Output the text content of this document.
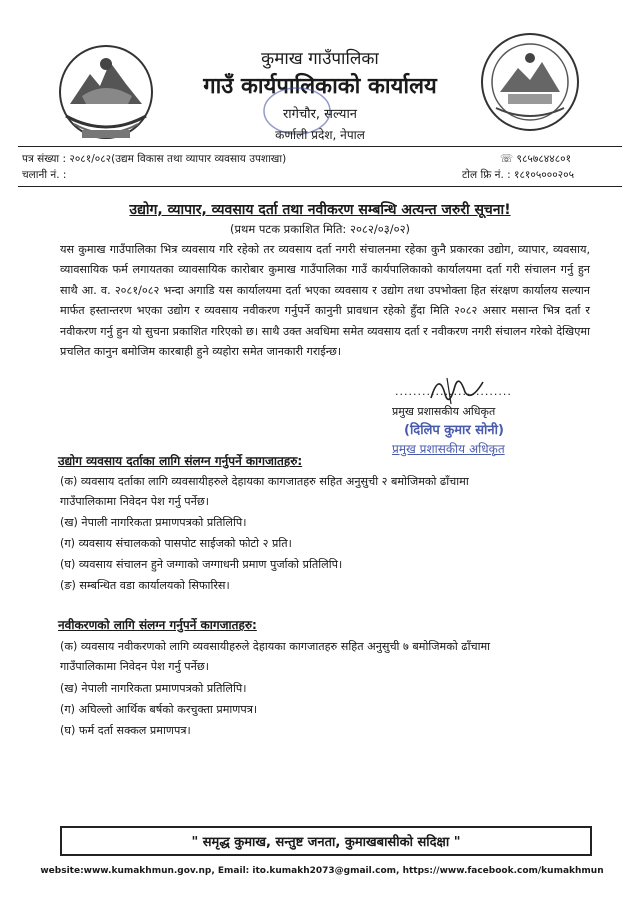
कुमाख गाउँपालिका
गाउँ कार्यपालिकाको कार्यालय
रागेचौर, सल्यान
कर्णाली प्रदेश, नेपाल
पत्र संख्या : २०८१/०८२(उद्यम विकास तथा व्यापार व्यवसाय उपशाखा)
चलानी नं. :
☏ ९८५७८४४८०१
टोल फ्रि नं. : १८१०५०००२०५
उद्योग, व्यापार, व्यवसाय दर्ता तथा नवीकरण सम्बन्धि अत्यन्त जरुरी सूचना!
(प्रथम पटक प्रकाशित मिति: २०८२/०३/०२)
यस कुमाख गाउँपालिका भित्र व्यवसाय गरि रहेको तर व्यवसाय दर्ता नगरी संचालनमा रहेका कुनै प्रकारका उद्योग, व्यापार, व्यवसाय, व्यावसायिक फर्म लगायतका व्यावसायिक कारोबार कुमाख गाउँपालिका गाउँ कार्यपालिकाको कार्यालयमा दर्ता गरी संचालन गर्नु हुन साथै आ. व. २०८१/०८२ भन्दा अगाडि यस कार्यालयमा दर्ता भएका व्यवसाय र उद्योग तथा उपभोक्ता हित संरक्षण कार्यालय सल्यान मार्फत हस्तान्तरण भएका उद्योग र व्यवसाय नवीकरण गर्नुपर्ने कानुनी प्रावधान रहेको हुँदा मिति २०८२ असार मसान्त भित्र दर्ता र नवीकरण गर्नु हुन यो सुचना प्रकाशित गरिएको छ। साथै उक्त अवधिमा समेत व्यवसाय दर्ता र नवीकरण नगरी संचालन गरेको देखिएमा प्रचलित कानुन बमोजिम कारबाही हुने व्यहोरा समेत जानकारी गराईन्छ।
..........................
प्रमुख प्रशासकीय अधिकृत
(दिलिप कुमार सोनी)
प्रमुख प्रशासकीय अधिकृत
उद्योग व्यवसाय दर्ताका लागि संलग्न गर्नुपर्ने कागजातहरु:
(क) व्यवसाय दर्ताका लागि व्यवसायीहरुले देहायका कागजातहरु सहित अनुसुची २ बमोजिमको ढाँचामा
गाउँपालिकामा निवेदन पेश गर्नु पर्नेछ।
(ख) नेपाली नागरिकता प्रमाणपत्रको प्रतिलिपि।
(ग) व्यवसाय संचालकको पासपोट साईजको फोटो २ प्रति।
(घ) व्यवसाय संचालन हुने जग्गाको जग्गाधनी प्रमाण पुर्जाको प्रतिलिपि।
(ङ) सम्बन्धित वडा कार्यालयको सिफारिस।
नवीकरणको लागि संलग्न गर्नुपर्ने कागजातहरु:
(क) व्यवसाय नवीकरणको लागि व्यवसायीहरुले देहायका कागजातहरु सहित अनुसुची ७ बमोजिमको ढाँचामा
गाउँपालिकामा निवेदन पेश गर्नु पर्नेछ।
(ख) नेपाली नागरिकता प्रमाणपत्रको प्रतिलिपि।
(ग) अघिल्लो आर्थिक बर्षको करचुक्ता प्रमाणपत्र।
(घ) फर्म दर्ता सक्कल प्रमाणपत्र।
" समृद्ध कुमाख, सन्तुष्ट जनता, कुमाखबासीको सदिक्षा "
website:www.kumakhmun.gov.np, Email: ito.kumakh2073@gmail.com, https://www.facebook.com/kumakhmun
